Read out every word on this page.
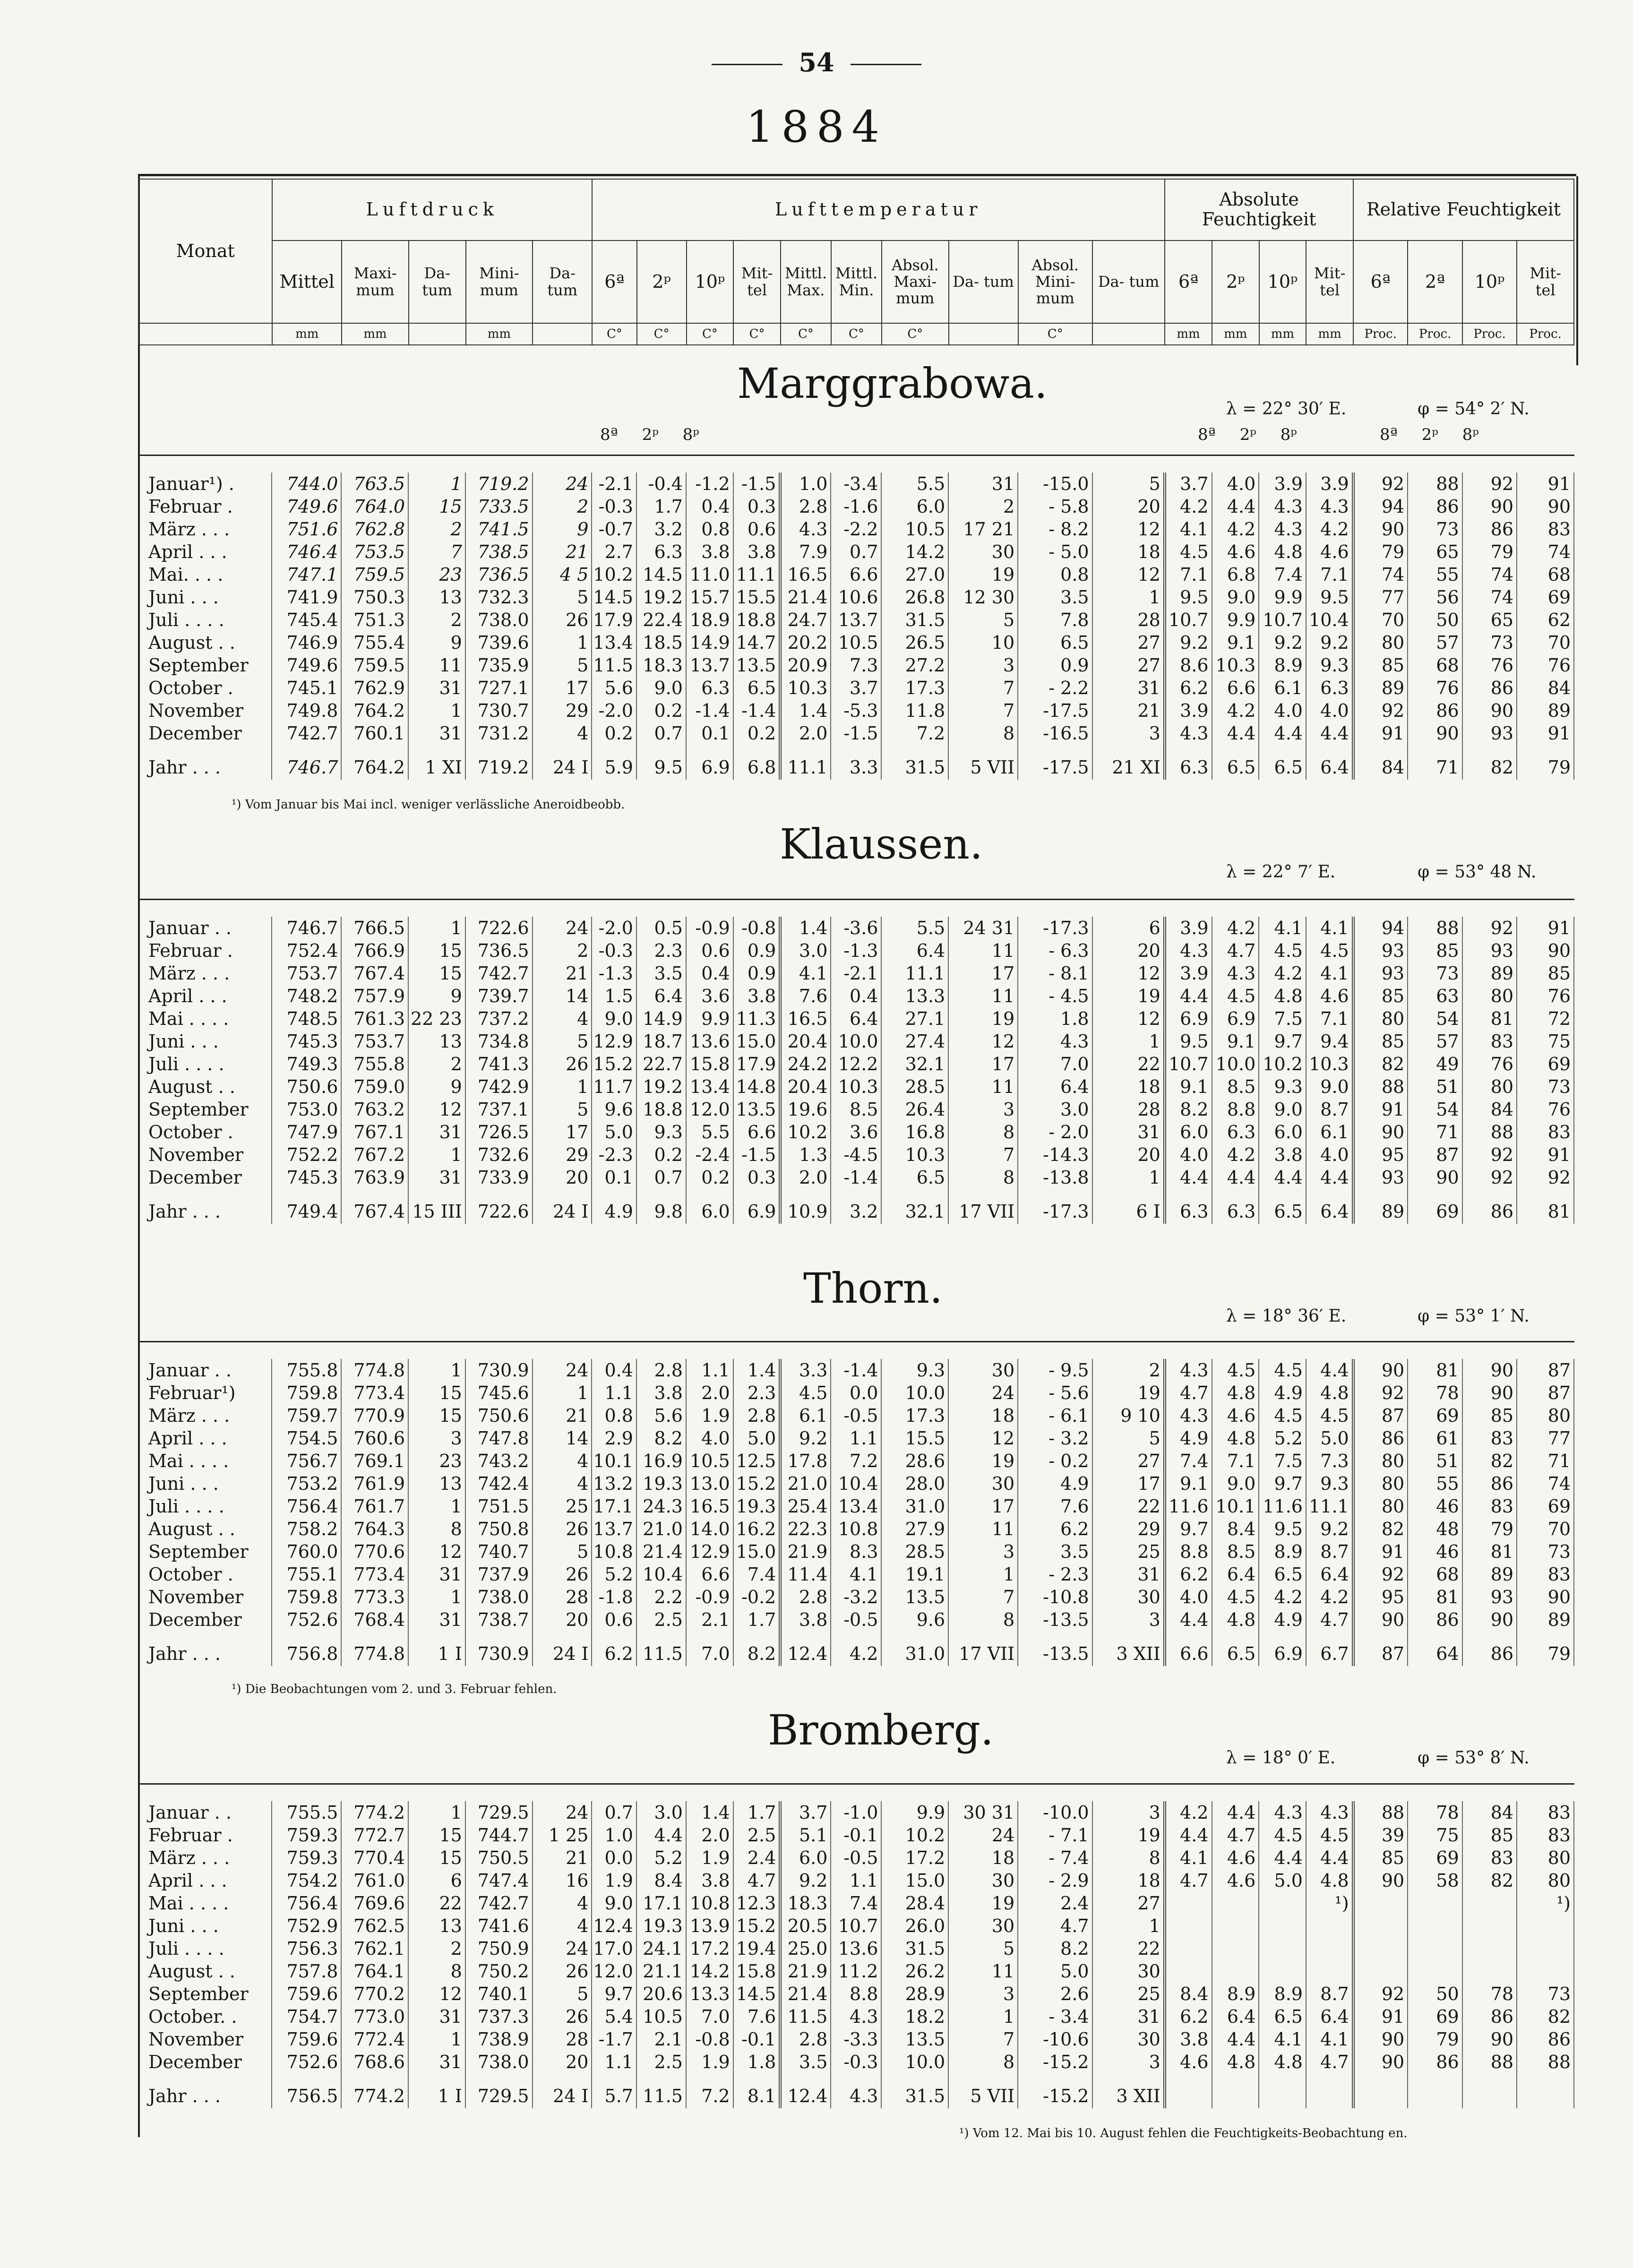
54
1884
Monat	Luftdruck					Lufttemperatur										Absolute Feuchtigkeit				Relative Feuchtigkeit			
	Mittel	Maxi- mum	Da- tum	Mini- mum	Da- tum	6ª	2ᵖ	10ᵖ	Mit- tel	Mittl. Max.	Mittl. Min.	Absol. Maxi- mum	Da- tum	Absol. Mini- mum	Da- tum	6ª	2ᵖ	10ᵖ	Mit- tel	6ª	2ª	10ᵖ	Mit- tel
	mm	mm		mm		C°	C°	C°	C°	C°	C°	C°		C°		mm	mm	mm	mm	Proc.	Proc.	Proc.	Proc.
Marggrabowa.
λ = 22° 30′ E.	φ = 54° 2′ N.
8ª 2ᵖ 8ᵖ	8ª 2ᵖ 8ᵖ	8ª 2ᵖ 8ᵖ
Januar¹) .	744.0	763.5	1	719.2	24	-2.1	-0.4	-1.2	-1.5	1.0	-3.4	5.5	31	-15.0	5	3.7	4.0	3.9	3.9	92	88	92	91
Februar .	749.6	764.0	15	733.5	2	-0.3	1.7	0.4	0.3	2.8	-1.6	6.0	2	- 5.8	20	4.2	4.4	4.3	4.3	94	86	90	90
März . . .	751.6	762.8	2	741.5	9	-0.7	3.2	0.8	0.6	4.3	-2.2	10.5	17 21	- 8.2	12	4.1	4.2	4.3	4.2	90	73	86	83
April . . .	746.4	753.5	7	738.5	21	2.7	6.3	3.8	3.8	7.9	0.7	14.2	30	- 5.0	18	4.5	4.6	4.8	4.6	79	65	79	74
Mai. . . .	747.1	759.5	23	736.5	4 5	10.2	14.5	11.0	11.1	16.5	6.6	27.0	19	0.8	12	7.1	6.8	7.4	7.1	74	55	74	68
Juni . . .	741.9	750.3	13	732.3	5	14.5	19.2	15.7	15.5	21.4	10.6	26.8	12 30	3.5	1	9.5	9.0	9.9	9.5	77	56	74	69
Juli . . . .	745.4	751.3	2	738.0	26	17.9	22.4	18.9	18.8	24.7	13.7	31.5	5	7.8	28	10.7	9.9	10.7	10.4	70	50	65	62
August . .	746.9	755.4	9	739.6	1	13.4	18.5	14.9	14.7	20.2	10.5	26.5	10	6.5	27	9.2	9.1	9.2	9.2	80	57	73	70
September	749.6	759.5	11	735.9	5	11.5	18.3	13.7	13.5	20.9	7.3	27.2	3	0.9	27	8.6	10.3	8.9	9.3	85	68	76	76
October .	745.1	762.9	31	727.1	17	5.6	9.0	6.3	6.5	10.3	3.7	17.3	7	- 2.2	31	6.2	6.6	6.1	6.3	89	76	86	84
November	749.8	764.2	1	730.7	29	-2.0	0.2	-1.4	-1.4	1.4	-5.3	11.8	7	-17.5	21	3.9	4.2	4.0	4.0	92	86	90	89
December	742.7	760.1	31	731.2	4	0.2	0.7	0.1	0.2	2.0	-1.5	7.2	8	-16.5	3	4.3	4.4	4.4	4.4	91	90	93	91
Jahr . . .	746.7	764.2	1 XI	719.2	24 I	5.9	9.5	6.9	6.8	11.1	3.3	31.5	5 VII	-17.5	21 XI	6.3	6.5	6.5	6.4	84	71	82	79
¹) Vom Januar bis Mai incl. weniger verlässliche Aneroidbeobb.
Klaussen.
λ = 22° 7′ E.	φ = 53° 48 N.
Januar . .	746.7	766.5	1	722.6	24	-2.0	0.5	-0.9	-0.8	1.4	-3.6	5.5	24 31	-17.3	6	3.9	4.2	4.1	4.1	94	88	92	91
Februar .	752.4	766.9	15	736.5	2	-0.3	2.3	0.6	0.9	3.0	-1.3	6.4	11	- 6.3	20	4.3	4.7	4.5	4.5	93	85	93	90
März . . .	753.7	767.4	15	742.7	21	-1.3	3.5	0.4	0.9	4.1	-2.1	11.1	17	- 8.1	12	3.9	4.3	4.2	4.1	93	73	89	85
April . . .	748.2	757.9	9	739.7	14	1.5	6.4	3.6	3.8	7.6	0.4	13.3	11	- 4.5	19	4.4	4.5	4.8	4.6	85	63	80	76
Mai . . . .	748.5	761.3	22 23	737.2	4	9.0	14.9	9.9	11.3	16.5	6.4	27.1	19	1.8	12	6.9	6.9	7.5	7.1	80	54	81	72
Juni . . .	745.3	753.7	13	734.8	5	12.9	18.7	13.6	15.0	20.4	10.0	27.4	12	4.3	1	9.5	9.1	9.7	9.4	85	57	83	75
Juli . . . .	749.3	755.8	2	741.3	26	15.2	22.7	15.8	17.9	24.2	12.2	32.1	17	7.0	22	10.7	10.0	10.2	10.3	82	49	76	69
August . .	750.6	759.0	9	742.9	1	11.7	19.2	13.4	14.8	20.4	10.3	28.5	11	6.4	18	9.1	8.5	9.3	9.0	88	51	80	73
September	753.0	763.2	12	737.1	5	9.6	18.8	12.0	13.5	19.6	8.5	26.4	3	3.0	28	8.2	8.8	9.0	8.7	91	54	84	76
October .	747.9	767.1	31	726.5	17	5.0	9.3	5.5	6.6	10.2	3.6	16.8	8	- 2.0	31	6.0	6.3	6.0	6.1	90	71	88	83
November	752.2	767.2	1	732.6	29	-2.3	0.2	-2.4	-1.5	1.3	-4.5	10.3	7	-14.3	20	4.0	4.2	3.8	4.0	95	87	92	91
December	745.3	763.9	31	733.9	20	0.1	0.7	0.2	0.3	2.0	-1.4	6.5	8	-13.8	1	4.4	4.4	4.4	4.4	93	90	92	92
Jahr . . .	749.4	767.4	15 III	722.6	24 I	4.9	9.8	6.0	6.9	10.9	3.2	32.1	17 VII	-17.3	6 I	6.3	6.3	6.5	6.4	89	69	86	81
Thorn.
λ = 18° 36′ E.	φ = 53° 1′ N.
Januar . .	755.8	774.8	1	730.9	24	0.4	2.8	1.1	1.4	3.3	-1.4	9.3	30	- 9.5	2	4.3	4.5	4.5	4.4	90	81	90	87
Februar¹)	759.8	773.4	15	745.6	1	1.1	3.8	2.0	2.3	4.5	0.0	10.0	24	- 5.6	19	4.7	4.8	4.9	4.8	92	78	90	87
März . . .	759.7	770.9	15	750.6	21	0.8	5.6	1.9	2.8	6.1	-0.5	17.3	18	- 6.1	9 10	4.3	4.6	4.5	4.5	87	69	85	80
April . . .	754.5	760.6	3	747.8	14	2.9	8.2	4.0	5.0	9.2	1.1	15.5	12	- 3.2	5	4.9	4.8	5.2	5.0	86	61	83	77
Mai . . . .	756.7	769.1	23	743.2	4	10.1	16.9	10.5	12.5	17.8	7.2	28.6	19	- 0.2	27	7.4	7.1	7.5	7.3	80	51	82	71
Juni . . .	753.2	761.9	13	742.4	4	13.2	19.3	13.0	15.2	21.0	10.4	28.0	30	4.9	17	9.1	9.0	9.7	9.3	80	55	86	74
Juli . . . .	756.4	761.7	1	751.5	25	17.1	24.3	16.5	19.3	25.4	13.4	31.0	17	7.6	22	11.6	10.1	11.6	11.1	80	46	83	69
August . .	758.2	764.3	8	750.8	26	13.7	21.0	14.0	16.2	22.3	10.8	27.9	11	6.2	29	9.7	8.4	9.5	9.2	82	48	79	70
September	760.0	770.6	12	740.7	5	10.8	21.4	12.9	15.0	21.9	8.3	28.5	3	3.5	25	8.8	8.5	8.9	8.7	91	46	81	73
October .	755.1	773.4	31	737.9	26	5.2	10.4	6.6	7.4	11.4	4.1	19.1	1	- 2.3	31	6.2	6.4	6.5	6.4	92	68	89	83
November	759.8	773.3	1	738.0	28	-1.8	2.2	-0.9	-0.2	2.8	-3.2	13.5	7	-10.8	30	4.0	4.5	4.2	4.2	95	81	93	90
December	752.6	768.4	31	738.7	20	0.6	2.5	2.1	1.7	3.8	-0.5	9.6	8	-13.5	3	4.4	4.8	4.9	4.7	90	86	90	89
Jahr . . .	756.8	774.8	1 I	730.9	24 I	6.2	11.5	7.0	8.2	12.4	4.2	31.0	17 VII	-13.5	3 XII	6.6	6.5	6.9	6.7	87	64	86	79
¹) Die Beobachtungen vom 2. und 3. Februar fehlen.
Bromberg.
λ = 18° 0′ E.	φ = 53° 8′ N.
Januar . .	755.5	774.2	1	729.5	24	0.7	3.0	1.4	1.7	3.7	-1.0	9.9	30 31	-10.0	3	4.2	4.4	4.3	4.3	88	78	84	83
Februar .	759.3	772.7	15	744.7	1 25	1.0	4.4	2.0	2.5	5.1	-0.1	10.2	24	- 7.1	19	4.4	4.7	4.5	4.5	39	75	85	83
März . . .	759.3	770.4	15	750.5	21	0.0	5.2	1.9	2.4	6.0	-0.5	17.2	18	- 7.4	8	4.1	4.6	4.4	4.4	85	69	83	80
April . . .	754.2	761.0	6	747.4	16	1.9	8.4	3.8	4.7	9.2	1.1	15.0	30	- 2.9	18	4.7	4.6	5.0	4.8	90	58	82	80
Mai . . . .	756.4	769.6	22	742.7	4	9.0	17.1	10.8	12.3	18.3	7.4	28.4	19	2.4	27				¹)				¹)
Juni . . .	752.9	762.5	13	741.6	4	12.4	19.3	13.9	15.2	20.5	10.7	26.0	30	4.7	1								
Juli . . . .	756.3	762.1	2	750.9	24	17.0	24.1	17.2	19.4	25.0	13.6	31.5	5	8.2	22								
August . .	757.8	764.1	8	750.2	26	12.0	21.1	14.2	15.8	21.9	11.2	26.2	11	5.0	30								
September	759.6	770.2	12	740.1	5	9.7	20.6	13.3	14.5	21.4	8.8	28.9	3	2.6	25	8.4	8.9	8.9	8.7	92	50	78	73
October. .	754.7	773.0	31	737.3	26	5.4	10.5	7.0	7.6	11.5	4.3	18.2	1	- 3.4	31	6.2	6.4	6.5	6.4	91	69	86	82
November	759.6	772.4	1	738.9	28	-1.7	2.1	-0.8	-0.1	2.8	-3.3	13.5	7	-10.6	30	3.8	4.4	4.1	4.1	90	79	90	86
December	752.6	768.6	31	738.0	20	1.1	2.5	1.9	1.8	3.5	-0.3	10.0	8	-15.2	3	4.6	4.8	4.8	4.7	90	86	88	88
Jahr . . .	756.5	774.2	1 I	729.5	24 I	5.7	11.5	7.2	8.1	12.4	4.3	31.5	5 VII	-15.2	3 XII								
¹) Vom 12. Mai bis 10. August fehlen die Feuchtigkeits-Beobachtung en.
